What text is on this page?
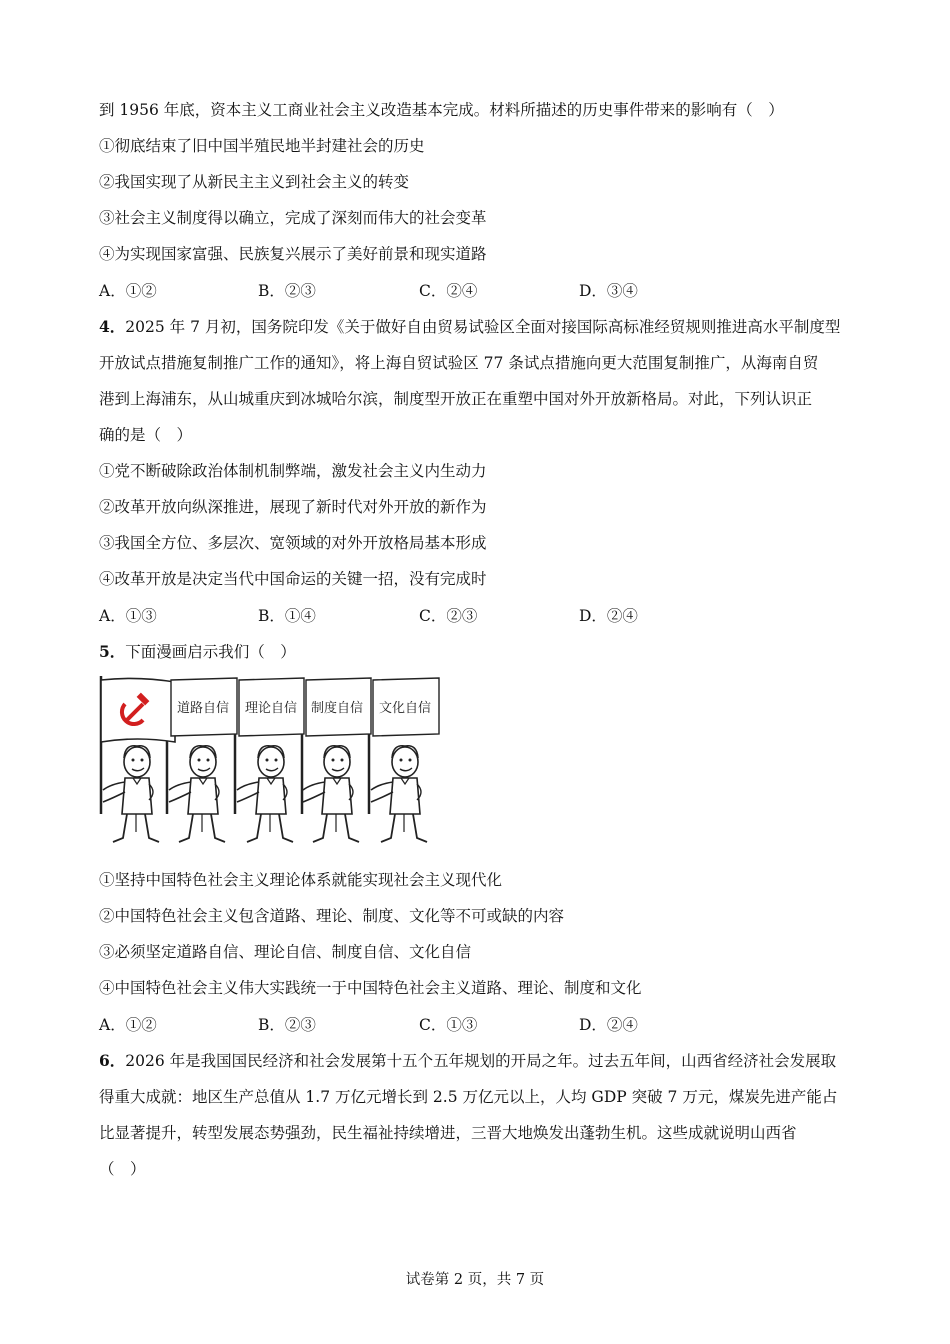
到 1956 年底，资本主义工商业社会主义改造基本完成。材料所描述的历史事件带来的影响有（　）
①彻底结束了旧中国半殖民地半封建社会的历史
②我国实现了从新民主主义到社会主义的转变
③社会主义制度得以确立，完成了深刻而伟大的社会变革
④为实现国家富强、民族复兴展示了美好前景和现实道路
A．①②	B．②③	C．②④	D．③④
4．2025 年 7 月初，国务院印发《关于做好自由贸易试验区全面对接国际高标准经贸规则推进高水平制度型
开放试点措施复制推广工作的通知》，将上海自贸试验区 77 条试点措施向更大范围复制推广，从海南自贸
港到上海浦东，从山城重庆到冰城哈尔滨，制度型开放正在重塑中国对外开放新格局。对此，下列认识正
确的是（　）
①党不断破除政治体制机制弊端，激发社会主义内生动力
②改革开放向纵深推进，展现了新时代对外开放的新作为
③我国全方位、多层次、宽领域的对外开放格局基本形成
④改革开放是决定当代中国命运的关键一招，没有完成时
A．①③	B．①④	C．②③	D．②④
5．下面漫画启示我们（　）
道路自信 理论自信 制度自信 文化自信
①坚持中国特色社会主义理论体系就能实现社会主义现代化
②中国特色社会主义包含道路、理论、制度、文化等不可或缺的内容
③必须坚定道路自信、理论自信、制度自信、文化自信
④中国特色社会主义伟大实践统一于中国特色社会主义道路、理论、制度和文化
A．①②	B．②③	C．①③	D．②④
6．2026 年是我国国民经济和社会发展第十五个五年规划的开局之年。过去五年间，山西省经济社会发展取
得重大成就：地区生产总值从 1.7 万亿元增长到 2.5 万亿元以上，人均 GDP 突破 7 万元，煤炭先进产能占
比显著提升，转型发展态势强劲，民生福祉持续增进，三晋大地焕发出蓬勃生机。这些成就说明山西省
（　）
试卷第 2 页，共 7 页
